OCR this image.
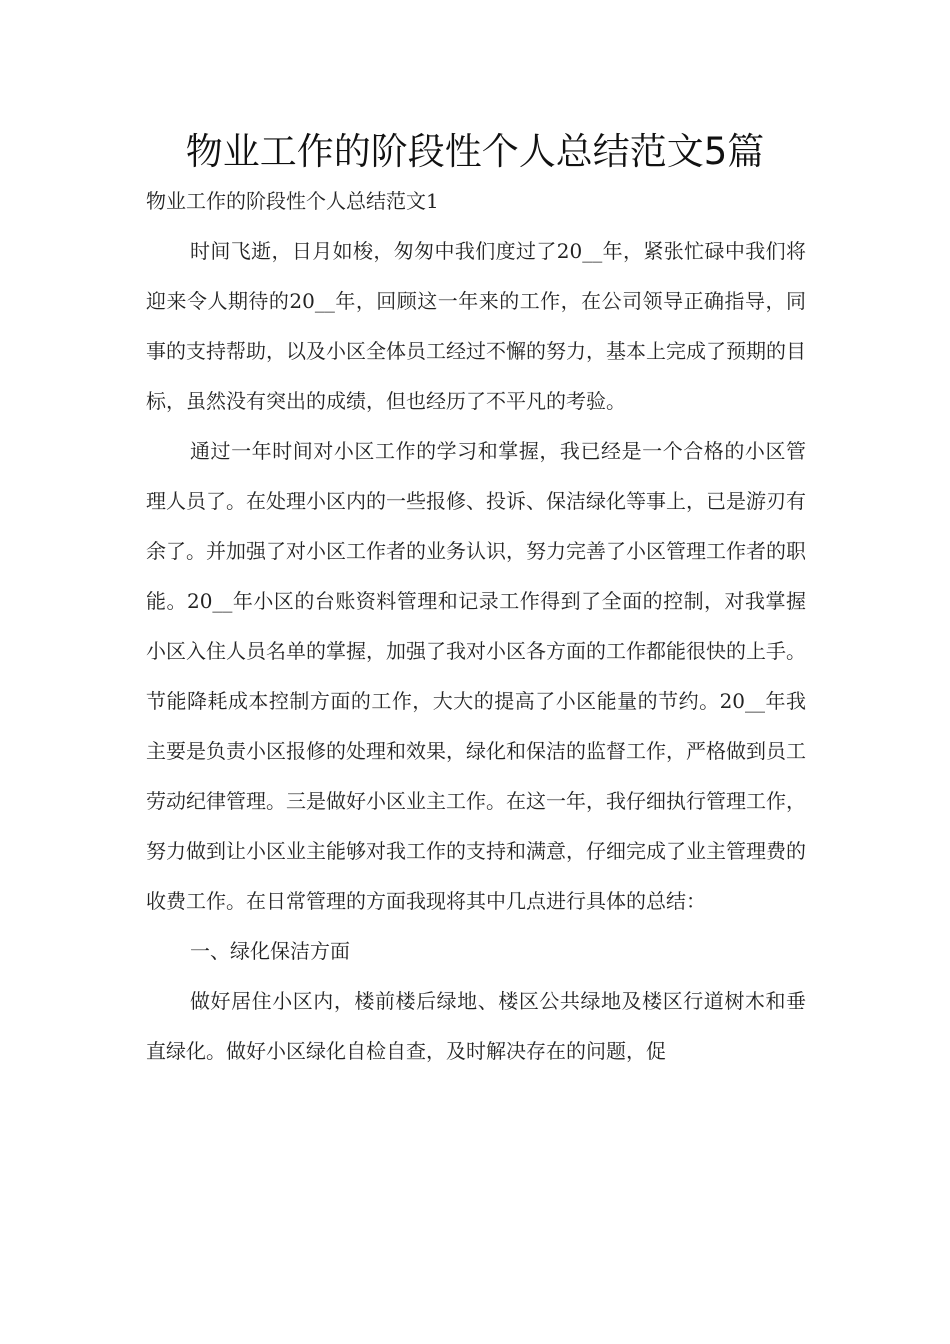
物业工作的阶段性个人总结范文5篇

物业工作的阶段性个人总结范文1

时间飞逝，日月如梭，匆匆中我们度过了20__年，紧张忙碌中我们将迎来令人期待的20__年，回顾这一年来的工作，在公司领导正确指导，同事的支持帮助，以及小区全体员工经过不懈的努力，基本上完成了预期的目标，虽然没有突出的成绩，但也经历了不平凡的考验。

通过一年时间对小区工作的学习和掌握，我已经是一个合格的小区管理人员了。在处理小区内的一些报修、投诉、保洁绿化等事上，已是游刃有余了。并加强了对小区工作者的业务认识，努力完善了小区管理工作者的职能。20__年小区的台账资料管理和记录工作得到了全面的控制，对我掌握小区入住人员名单的掌握，加强了我对小区各方面的工作都能很快的上手。节能降耗成本控制方面的工作，大大的提高了小区能量的节约。20__年我主要是负责小区报修的处理和效果，绿化和保洁的监督工作，严格做到员工劳动纪律管理。三是做好小区业主工作。在这一年，我仔细执行管理工作，努力做到让小区业主能够对我工作的支持和满意，仔细完成了业主管理费的收费工作。在日常管理的方面我现将其中几点进行具体的总结：

一、绿化保洁方面

做好居住小区内，楼前楼后绿地、楼区公共绿地及楼区行道树木和垂直绿化。做好小区绿化自检自查，及时解决存在的问题，促
